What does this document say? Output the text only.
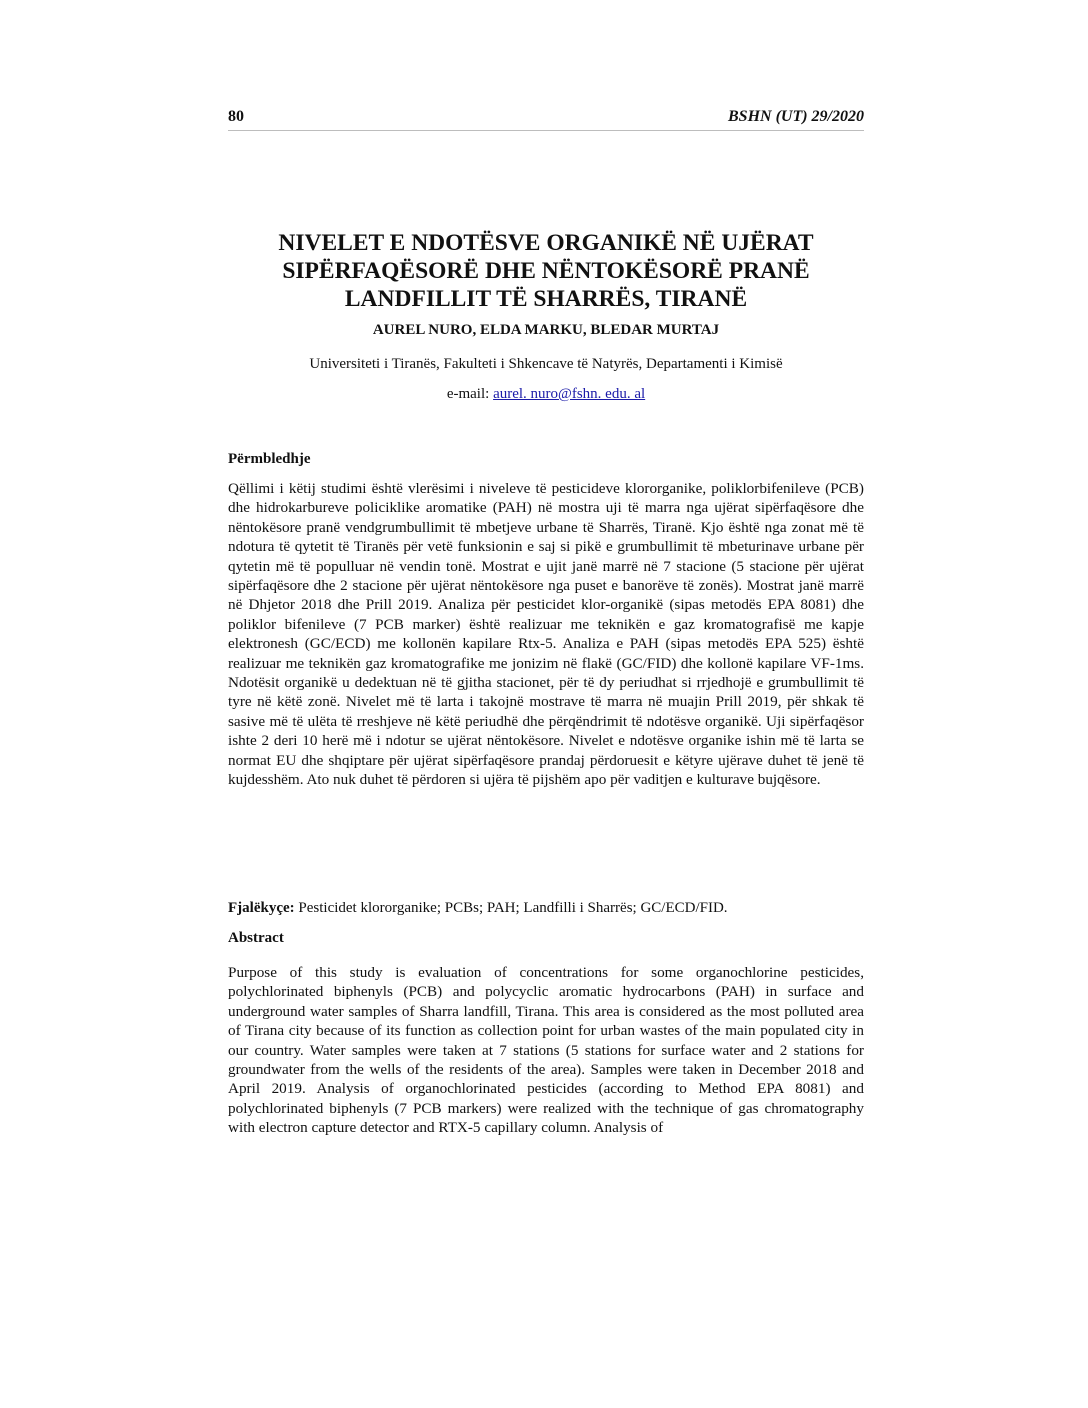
80	BSHN (UT) 29/2020
NIVELET E NDOTËSVE ORGANIKË NË UJËRAT SIPËRFAQËSORË DHE NËNTOKËSORË PRANË LANDFILLIT TË SHARRËS, TIRANË
AUREL NURO, ELDA MARKU, BLEDAR MURTAJ
Universiteti i Tiranës, Fakulteti i Shkencave të Natyrës, Departamenti i Kimisë
e-mail: aurel. nuro@fshn. edu. al
Përmbledhje

Qëllimi i këtij studimi është vlerësimi i niveleve të pesticideve klororganike, poliklorbifenileve (PCB) dhe hidrokarbureve policiklike aromatike (PAH) në mostra uji të marra nga ujërat sipërfaqësore dhe nëntokësore pranë vendgrumbullimit të mbetjeve urbane të Sharrës, Tiranë. Kjo është nga zonat më të ndotura të qytetit të Tiranës për vetë funksionin e saj si pikë e grumbullimit të mbeturinave urbane për qytetin më të populluar në vendin tonë. Mostrat e ujit janë marrë në 7 stacione (5 stacione për ujërat sipërfaqësore dhe 2 stacione për ujërat nëntokësore nga puset e banorëve të zonës). Mostrat janë marrë në Dhjetor 2018 dhe Prill 2019. Analiza për pesticidet klor-organikë (sipas metodës EPA 8081) dhe poliklor bifenileve (7 PCB marker) është realizuar me teknikën e gaz kromatografisë me kapje elektronesh (GC/ECD) me kollonën kapilare Rtx-5. Analiza e PAH (sipas metodës EPA 525) është realizuar me teknikën gaz kromatografike me jonizim në flakë (GC/FID) dhe kollonë kapilare VF-1ms. Ndotësit organikë u dedektuan në të gjitha stacionet, për të dy periudhat si rrjedhojë e grumbullimit të tyre në këtë zonë. Nivelet më të larta i takojnë mostrave të marra në muajin Prill 2019, për shkak të sasive më të ulëta të rreshjeve në këtë periudhë dhe përqëndrimit të ndotësve organikë. Uji sipërfaqësor ishte 2 deri 10 herë më i ndotur se ujërat nëntokësore. Nivelet e ndotësve organike ishin më të larta se normat EU dhe shqiptare për ujërat sipërfaqësore prandaj përdoruesit e këtyre ujërave duhet të jenë të kujdesshëm. Ato nuk duhet të përdoren si ujëra të pijshëm apo për vaditjen e kulturave bujqësore.

Fjalëkyçe: Pesticidet klororganike; PCBs; PAH; Landfilli i Sharrës; GC/ECD/FID.

Abstract

Purpose of this study is evaluation of concentrations for some organochlorine pesticides, polychlorinated biphenyls (PCB) and polycyclic aromatic hydrocarbons (PAH) in surface and underground water samples of Sharra landfill, Tirana. This area is considered as the most polluted area of Tirana city because of its function as collection point for urban wastes of the main populated city in our country. Water samples were taken at 7 stations (5 stations for surface water and 2 stations for groundwater from the wells of the residents of the area). Samples were taken in December 2018 and April 2019. Analysis of organochlorinated pesticides (according to Method EPA 8081) and polychlorinated biphenyls (7 PCB markers) were realized with the technique of gas chromatography with electron capture detector and RTX-5 capillary column. Analysis of
